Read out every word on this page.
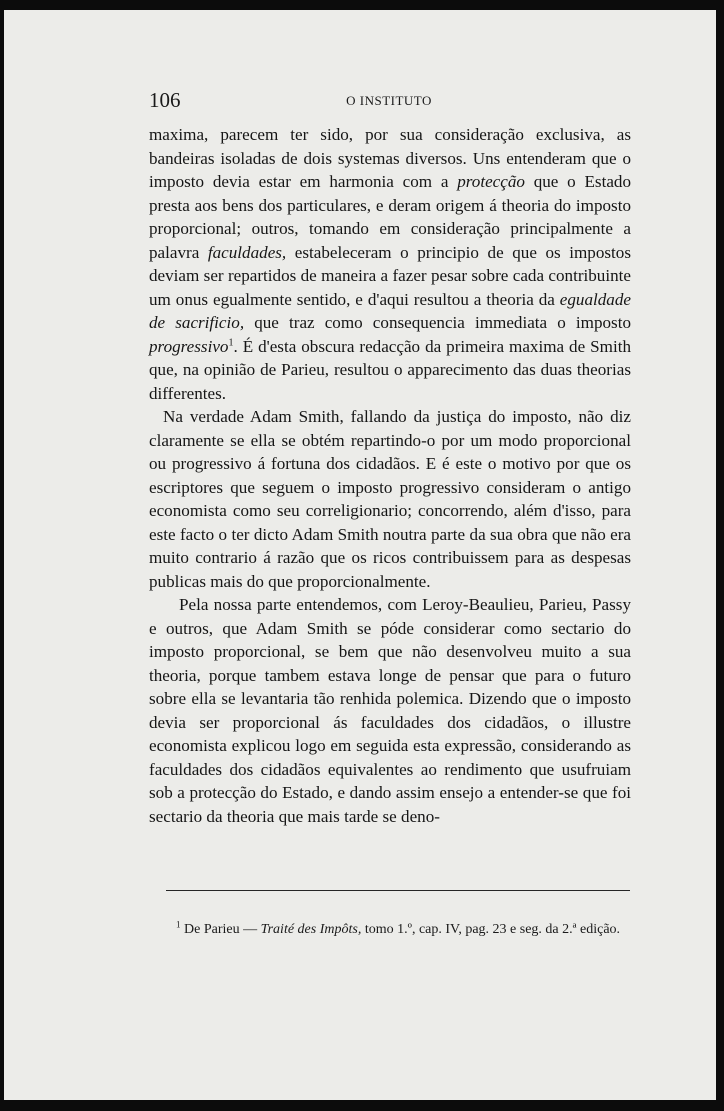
106	O INSTITUTO

maxima, parecem ter sido, por sua consideração exclusiva, as bandeiras isoladas de dois systemas diversos. Uns entenderam que o imposto devia estar em harmonia com a protecção que o Estado presta aos bens dos particulares, e deram origem á theoria do imposto proporcional; outros, tomando em consideração principalmente a palavra faculdades, estabeleceram o principio de que os impostos deviam ser repartidos de maneira a fazer pesar sobre cada contribuinte um onus egualmente sentido, e d'aqui resultou a theoria da egualdade de sacrificio, que traz como consequencia immediata o imposto progressivo$^1$. É d'esta obscura redacção da primeira maxima de Smith que, na opinião de Parieu, resultou o apparecimento das duas theorias differentes.

Na verdade Adam Smith, fallando da justiça do imposto, não diz claramente se ella se obtém repartindo-o por um modo proporcional ou progressivo á fortuna dos cidadãos. E é este o motivo por que os escriptores que seguem o imposto progressivo consideram o antigo economista como seu correligionario; concorrendo, além d'isso, para este facto o ter dicto Adam Smith noutra parte da sua obra que não era muito contrario á razão que os ricos contribuissem para as despesas publicas mais do que proporcionalmente.

Pela nossa parte entendemos, com Leroy-Beaulieu, Parieu, Passy e outros, que Adam Smith se póde considerar como sectario do imposto proporcional, se bem que não desenvolveu muito a sua theoria, porque tambem estava longe de pensar que para o futuro sobre ella se levantaria tão renhida polemica. Dizendo que o imposto devia ser proporcional ás faculdades dos cidadãos, o illustre economista explicou logo em seguida esta expressão, considerando as faculdades dos cidadãos equivalentes ao rendimento que usufruiam sob a protecção do Estado, e dando assim ensejo a entender-se que foi sectario da theoria que mais tarde se deno-

$^1$ De Parieu — Traité des Impôts, tomo 1.º, cap. IV, pag. 23 e seg. da 2.ª edição.
